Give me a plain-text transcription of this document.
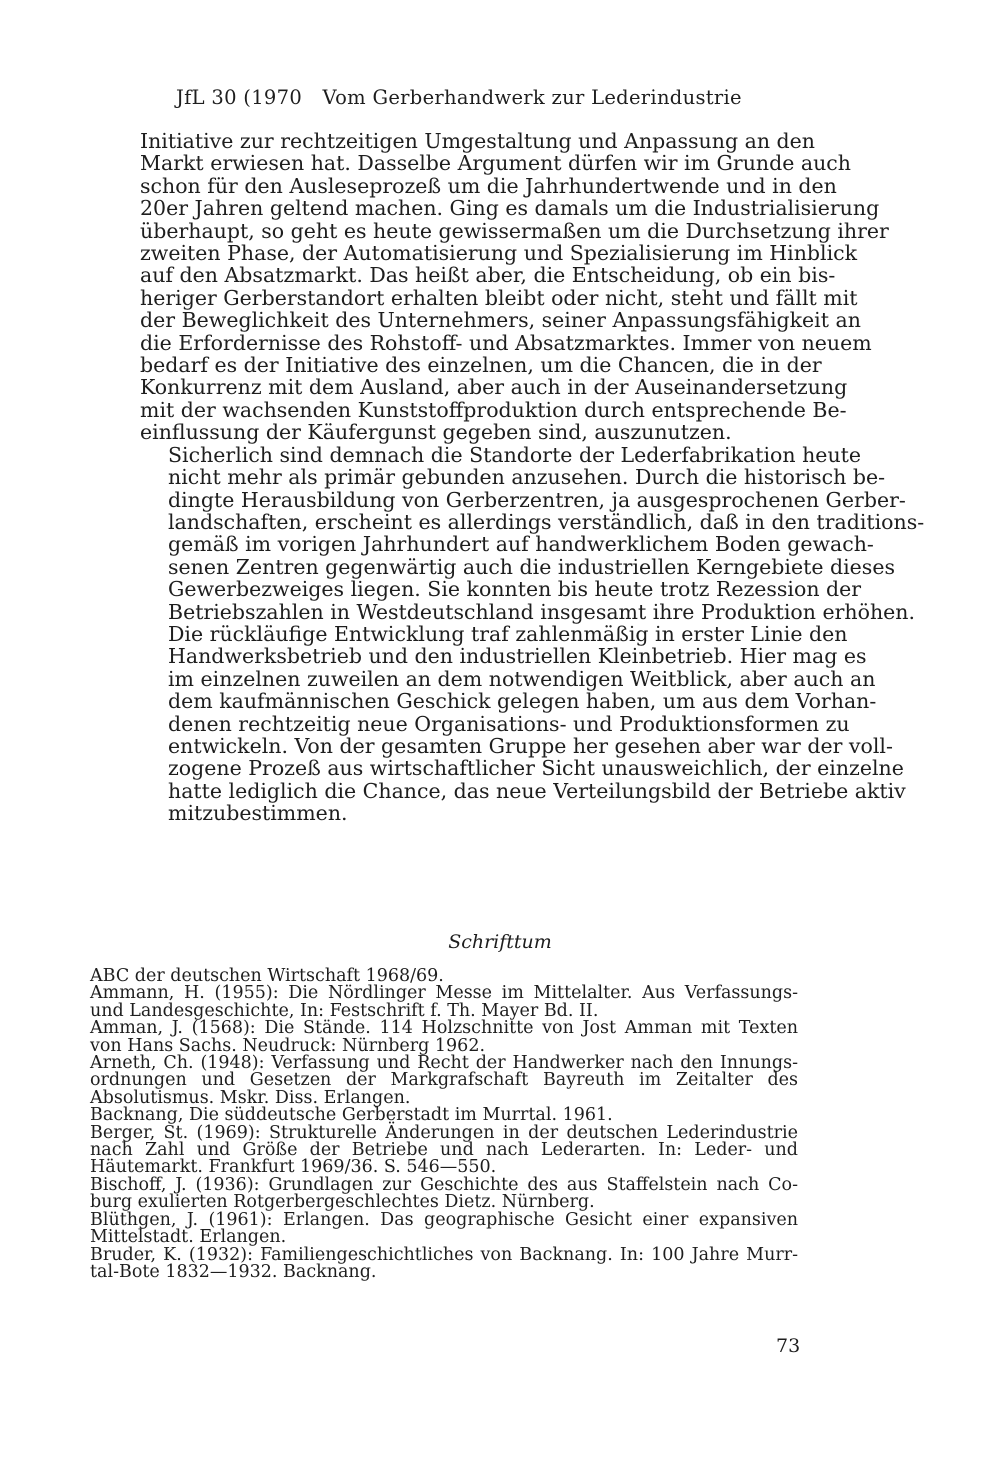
JfL 30 (1970 Vom Gerberhandwerk zur Lederindustrie

Initiative zur rechtzeitigen Umgestaltung und Anpassung an den
Markt erwiesen hat. Dasselbe Argument dürfen wir im Grunde auch
schon für den Ausleseprozeß um die Jahrhundertwende und in den
20er Jahren geltend machen. Ging es damals um die Industrialisierung
überhaupt, so geht es heute gewissermaßen um die Durchsetzung ihrer
zweiten Phase, der Automatisierung und Spezialisierung im Hinblick
auf den Absatzmarkt. Das heißt aber, die Entscheidung, ob ein bis-
heriger Gerberstandort erhalten bleibt oder nicht, steht und fällt mit
der Beweglichkeit des Unternehmers, seiner Anpassungsfähigkeit an
die Erfordernisse des Rohstoff- und Absatzmarktes. Immer von neuem
bedarf es der Initiative des einzelnen, um die Chancen, die in der
Konkurrenz mit dem Ausland, aber auch in der Auseinandersetzung
mit der wachsenden Kunststoffproduktion durch entsprechende Be-
einflussung der Käufergunst gegeben sind, auszunutzen.

Sicherlich sind demnach die Standorte der Lederfabrikation heute
nicht mehr als primär gebunden anzusehen. Durch die historisch be-
dingte Herausbildung von Gerberzentren, ja ausgesprochenen Gerber-
landschaften, erscheint es allerdings verständlich, daß in den traditions-
gemäß im vorigen Jahrhundert auf handwerklichem Boden gewach-
senen Zentren gegenwärtig auch die industriellen Kerngebiete dieses
Gewerbezweiges liegen. Sie konnten bis heute trotz Rezession der
Betriebszahlen in Westdeutschland insgesamt ihre Produktion erhöhen.

Die rückläufige Entwicklung traf zahlenmäßig in erster Linie den
Handwerksbetrieb und den industriellen Kleinbetrieb. Hier mag es
im einzelnen zuweilen an dem notwendigen Weitblick, aber auch an
dem kaufmännischen Geschick gelegen haben, um aus dem Vorhan-
denen rechtzeitig neue Organisations- und Produktionsformen zu
entwickeln. Von der gesamten Gruppe her gesehen aber war der voll-
zogene Prozeß aus wirtschaftlicher Sicht unausweichlich, der einzelne
hatte lediglich die Chance, das neue Verteilungsbild der Betriebe aktiv
mitzubestimmen.

Schrifttum
ABC der deutschen Wirtschaft 1968/69.
Ammann, H. (1955): Die Nördlinger Messe im Mittelalter. Aus Verfassungs-
und Landesgeschichte, In: Festschrift f. Th. Mayer Bd. II.
Amman, J. (1568): Die Stände. 114 Holzschnitte von Jost Amman mit Texten
von Hans Sachs. Neudruck: Nürnberg 1962.
Arneth, Ch. (1948): Verfassung und Recht der Handwerker nach den Innungs-
ordnungen und Gesetzen der Markgrafschaft Bayreuth im Zeitalter des
Absolutismus. Mskr. Diss. Erlangen.
Backnang, Die süddeutsche Gerberstadt im Murrtal. 1961.
Berger, St. (1969): Strukturelle Änderungen in der deutschen Lederindustrie
nach Zahl und Größe der Betriebe und nach Lederarten. In: Leder- und
Häutemarkt. Frankfurt 1969/36. S. 546—550.
Bischoff, J. (1936): Grundlagen zur Geschichte des aus Staffelstein nach Co-
burg exulierten Rotgerbergeschlechtes Dietz. Nürnberg.
Blüthgen, J. (1961): Erlangen. Das geographische Gesicht einer expansiven
Mittelstadt. Erlangen.
Bruder, K. (1932): Familiengeschichtliches von Backnang. In: 100 Jahre Murr-
tal-Bote 1832—1932. Backnang.
73
